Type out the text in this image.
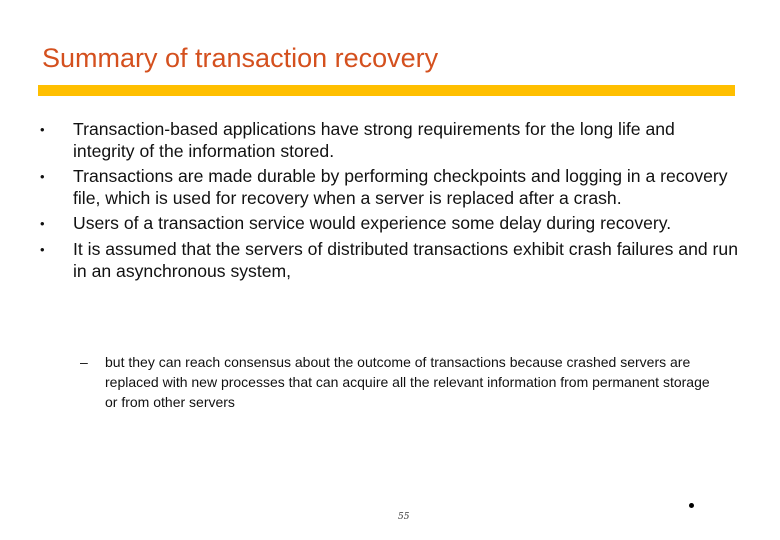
Summary of transaction recovery
• Transaction-based applications have strong requirements for the long life and integrity of the information stored.
• Transactions are made durable by performing checkpoints and logging in a recovery file, which is used for recovery when a server is replaced after a crash.
• Users of a transaction service would experience some delay during recovery.
• It is assumed that the servers of distributed transactions exhibit crash failures and run in an asynchronous system,
– but they can reach consensus about the outcome of transactions because crashed servers are replaced with new processes that can acquire all the relevant information from permanent storage or from other servers
55
